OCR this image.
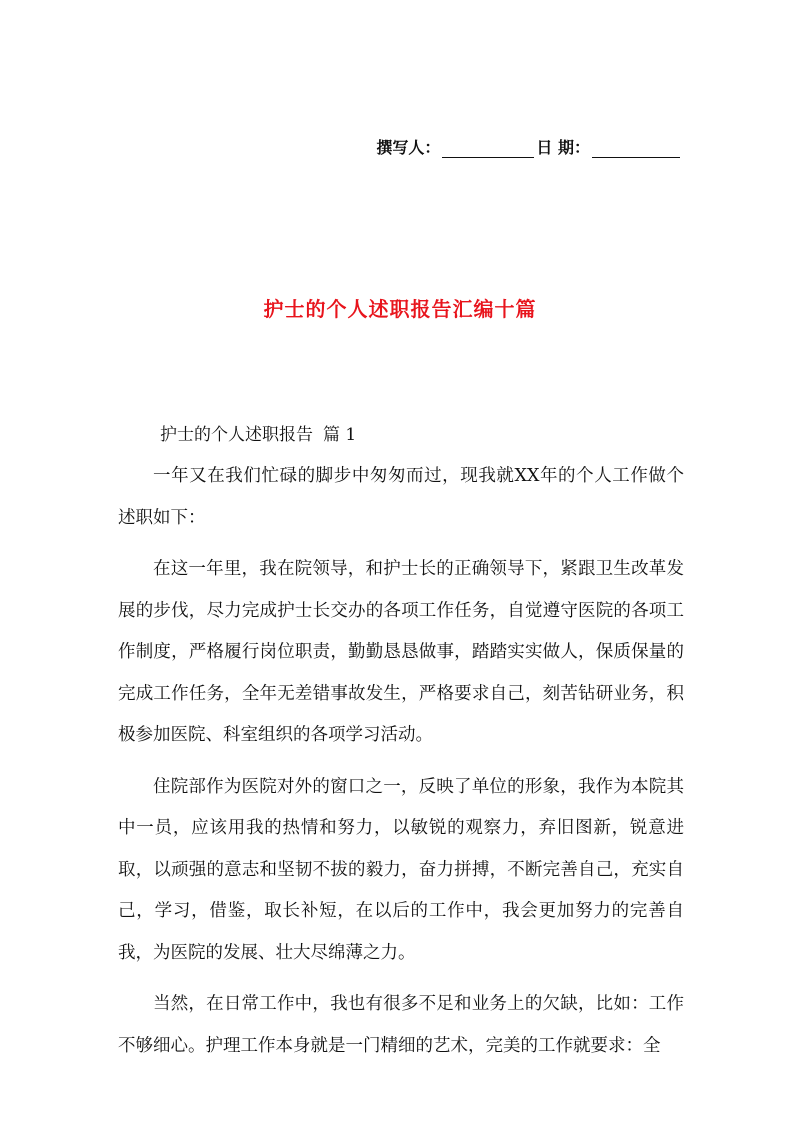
撰写人：	日 期：
护士的个人述职报告汇编十篇
护士的个人述职报告 篇 1

一年又在我们忙碌的脚步中匆匆而过，现我就XX年的个人工作做个述职如下：

在这一年里，我在院领导，和护士长的正确领导下，紧跟卫生改革发展的步伐，尽力完成护士长交办的各项工作任务，自觉遵守医院的各项工作制度，严格履行岗位职责，勤勤恳恳做事，踏踏实实做人，保质保量的完成工作任务，全年无差错事故发生，严格要求自己，刻苦钻研业务，积极参加医院、科室组织的各项学习活动。

住院部作为医院对外的窗口之一，反映了单位的形象，我作为本院其中一员，应该用我的热情和努力，以敏锐的观察力，弃旧图新，锐意进取，以顽强的意志和坚韧不拔的毅力，奋力拼搏，不断完善自己，充实自己，学习，借鉴，取长补短，在以后的工作中，我会更加努力的完善自我，为医院的发展、壮大尽绵薄之力。

当然，在日常工作中，我也有很多不足和业务上的欠缺，比如：工作不够细心。护理工作本身就是一门精细的艺术，完美的工作就要求：全
